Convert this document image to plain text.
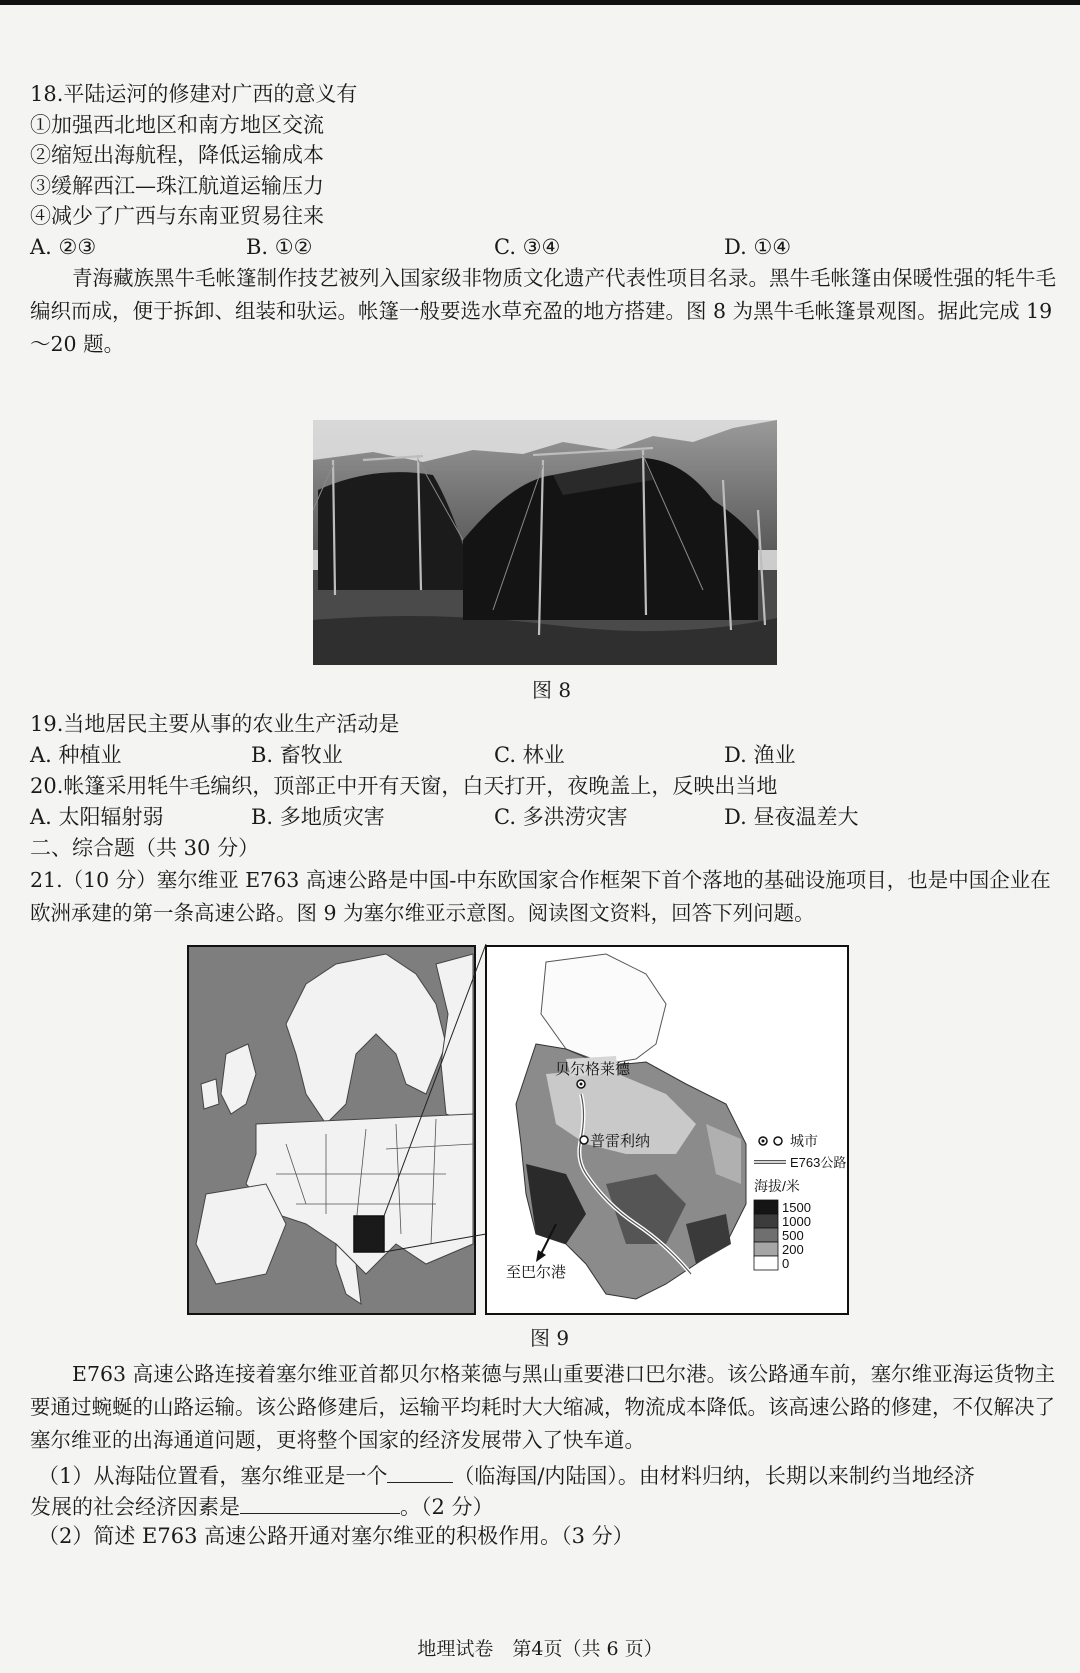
18.平陆运河的修建对广西的意义有
①加强西北地区和南方地区交流
②缩短出海航程，降低运输成本
③缓解西江—珠江航道运输压力
④减少了广西与东南亚贸易往来
A. ②③	B. ①②	C. ③④	D. ①④
青海藏族黑牛毛帐篷制作技艺被列入国家级非物质文化遗产代表性项目名录。黑牛毛帐篷由保暖性强的牦牛毛编织而成，便于拆卸、组装和驮运。帐篷一般要选水草充盈的地方搭建。图 8 为黑牛毛帐篷景观图。据此完成 19～20 题。
图 8
19.当地居民主要从事的农业生产活动是
A. 种植业	B. 畜牧业	C. 林业	D. 渔业
20.帐篷采用牦牛毛编织，顶部正中开有天窗，白天打开，夜晚盖上，反映出当地
A. 太阳辐射弱	B. 多地质灾害	C. 多洪涝灾害	D. 昼夜温差大
二、综合题（共 30 分）
21.（10 分）塞尔维亚 E763 高速公路是中国-中东欧国家合作框架下首个落地的基础设施项目，也是中国企业在欧洲承建的第一条高速公路。图 9 为塞尔维亚示意图。阅读图文资料，回答下列问题。
贝尔格莱德
普雷利纳
至巴尔港
城市
E763公路
海拔/米
1500
1000
500
200
0
图 9
E763 高速公路连接着塞尔维亚首都贝尔格莱德与黑山重要港口巴尔港。该公路通车前，塞尔维亚海运货物主要通过蜿蜒的山路运输。该公路修建后，运输平均耗时大大缩减，物流成本降低。该高速公路的修建，不仅解决了塞尔维亚的出海通道问题，更将整个国家的经济发展带入了快车道。
（1）从海陆位置看，塞尔维亚是一个	（临海国/内陆国）。由材料归纳，长期以来制约当地经济
发展的社会经济因素是	。（2 分）
（2）简述 E763 高速公路开通对塞尔维亚的积极作用。（3 分）
地理试卷　第4页（共 6 页）
